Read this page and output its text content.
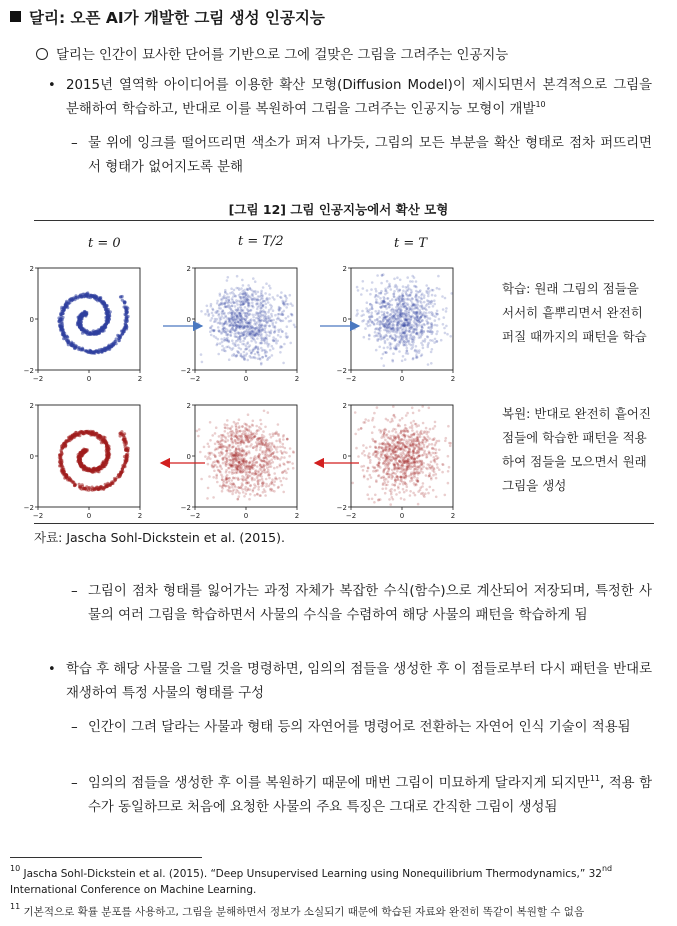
달리: 오픈 AI가 개발한 그림 생성 인공지능
달리는 인간이 묘사한 단어를 기반으로 그에 걸맞은 그림을 그려주는 인공지능
• 2015년 열역학 아이디어를 이용한 확산 모형(Diffusion Model)이 제시되면서 본격적으로 그림을 분해하여 학습하고, 반대로 이를 복원하여 그림을 그려주는 인공지능 모형이 개발$^{10}$
– 물 위에 잉크를 떨어뜨리면 색소가 퍼져 나가듯, 그림의 모든 부분을 확산 형태로 점차 퍼뜨리면서 형태가 없어지도록 분해
[그림 12] 그림 인공지능에서 확산 모형
t = 0	t = T/2	t = T
2
0
−2
−2	0	2
2
0
−2
−2	0	2
2
0
−2
−2	0	2
2
0
−2
−2	0	2
2
0
−2
−2	0	2
2
0
−2
−2	0	2
학습: 원래 그림의 점들을 서서히 흩뿌리면서 완전히 퍼질 때까지의 패턴을 학습
복원: 반대로 완전히 흩어진 점들에 학습한 패턴을 적용하여 점들을 모으면서 원래 그림을 생성
자료: Jascha Sohl-Dickstein et al. (2015).
– 그림이 점차 형태를 잃어가는 과정 자체가 복잡한 수식(함수)으로 계산되어 저장되며, 특정한 사물의 여러 그림을 학습하면서 사물의 수식을 수렴하여 해당 사물의 패턴을 학습하게 됨
• 학습 후 해당 사물을 그릴 것을 명령하면, 임의의 점들을 생성한 후 이 점들로부터 다시 패턴을 반대로 재생하여 특정 사물의 형태를 구성
– 인간이 그려 달라는 사물과 형태 등의 자연어를 명령어로 전환하는 자연어 인식 기술이 적용됨
– 임의의 점들을 생성한 후 이를 복원하기 때문에 매번 그림이 미묘하게 달라지게 되지만$^{11}$, 적용 함수가 동일하므로 처음에 요청한 사물의 주요 특징은 그대로 간직한 그림이 생성됨
$^{10}$ Jascha Sohl-Dickstein et al. (2015). “Deep Unsupervised Learning using Nonequilibrium Thermodynamics,” 32nd International Conference on Machine Learning.
$^{11}$ 기본적으로 확률 분포를 사용하고, 그림을 분해하면서 정보가 소실되기 때문에 학습된 자료와 완전히 똑같이 복원할 수 없음
